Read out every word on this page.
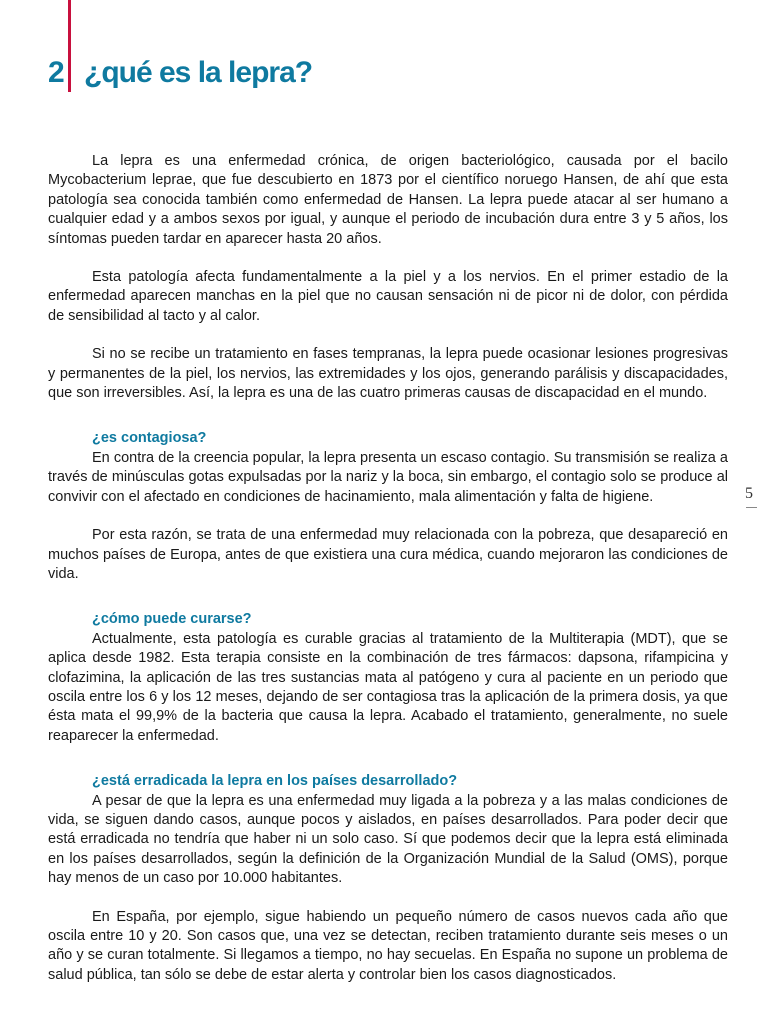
2 ¿qué es la lepra?
5

La lepra es una enfermedad crónica, de origen bacteriológico, causada por el bacilo Mycobacterium leprae, que fue descubierto en 1873 por el científico noruego Hansen, de ahí que esta patología sea conocida también como enfermedad de Hansen. La lepra puede atacar al ser humano a cualquier edad y a ambos sexos por igual, y aunque el periodo de incubación dura entre 3 y 5 años, los síntomas pueden tardar en aparecer hasta 20 años.

Esta patología afecta fundamentalmente a la piel y a los nervios. En el primer estadio de la enfermedad aparecen manchas en la piel que no causan sensación ni de picor ni de dolor, con pérdida de sensibilidad al tacto y al calor.

Si no se recibe un tratamiento en fases tempranas, la lepra puede ocasionar lesiones progresivas y permanentes de la piel, los nervios, las extremidades y los ojos, generando parálisis y discapacidades, que son irreversibles. Así, la lepra es una de las cuatro primeras causas de discapacidad en el mundo.

¿es contagiosa?

En contra de la creencia popular, la lepra presenta un escaso contagio. Su transmisión se realiza a través de minúsculas gotas expulsadas por la nariz y la boca, sin embargo, el contagio solo se produce al convivir con el afectado en condiciones de hacinamiento, mala alimentación y falta de higiene.

Por esta razón, se trata de una enfermedad muy relacionada con la pobreza, que desapareció en muchos países de Europa, antes de que existiera una cura médica, cuando mejoraron las condiciones de vida.

¿cómo puede curarse?

Actualmente, esta patología es curable gracias al tratamiento de la Multiterapia (MDT), que se aplica desde 1982. Esta terapia consiste en la combinación de tres fármacos: dapsona, rifampicina y clofazimina, la aplicación de las tres sustancias mata al patógeno y cura al paciente en un periodo que oscila entre los 6 y los 12 meses, dejando de ser contagiosa tras la aplicación de la primera dosis, ya que ésta mata el 99,9% de la bacteria que causa la lepra. Acabado el tratamiento, generalmente, no suele reaparecer la enfermedad.

¿está erradicada la lepra en los países desarrollado?

A pesar de que la lepra es una enfermedad muy ligada a la pobreza y a las malas condiciones de vida, se siguen dando casos, aunque pocos y aislados, en países desarrollados. Para poder decir que está erradicada no tendría que haber ni un solo caso. Sí que podemos decir que la lepra está eliminada en los países desarrollados, según la definición de la Organización Mundial de la Salud (OMS), porque hay menos de un caso por 10.000 habitantes.

En España, por ejemplo, sigue habiendo un pequeño número de casos nuevos cada año que oscila entre 10 y 20. Son casos que, una vez se detectan, reciben tratamiento durante seis meses o un año y se curan totalmente. Si llegamos a tiempo, no hay secuelas. En España no supone un problema de salud pública, tan sólo se debe de estar alerta y controlar bien los casos diagnosticados.
